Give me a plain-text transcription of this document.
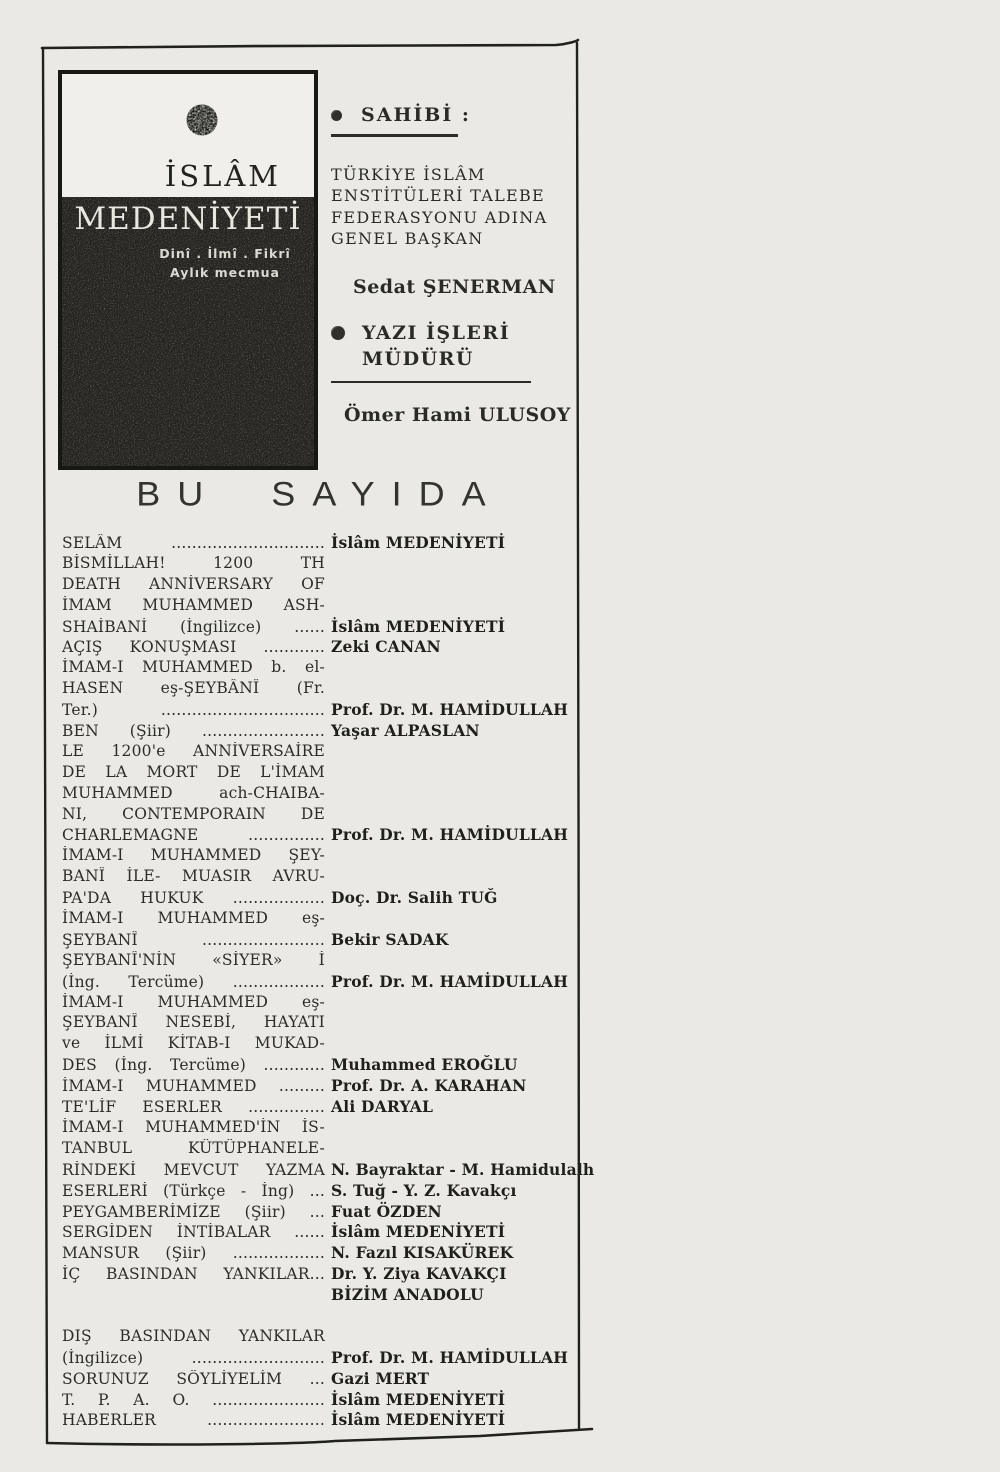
İSLÂM
MEDENİYETİ
Dinî . İlmî . Fikrî
Aylık mecmua
SAHİBİ :
TÜRKİYE İSLÂM
ENSTİTÜLERİ TALEBE
FEDERASYONU ADINA
GENEL BAŞKAN
Sedat ŞENERMAN
YAZI İŞLERİ
MÜDÜRÜ
Ömer Hami ULUSOY
BU SAYIDA
SELÂM .............................. İslâm MEDENİYETİ
BİSMİLLAH! 1200 TH
DEATH ANNİVERSARY OF
İMAM MUHAMMED ASH-
SHAİBANİ (İngilizce) ...... İslâm MEDENİYETİ
AÇIŞ KONUŞMASI ............ Zeki CANAN
İMAM-I MUHAMMED b. el-
HASEN eş-ŞEYBÂNÎ (Fr.
Ter.) ................................ Prof. Dr. M. HAMİDULLAH
BEN (Şiir) ........................ Yaşar ALPASLAN
LE 1200'e ANNİVERSAİRE
DE LA MORT DE L'İMAM
MUHAMMED ach-CHAIBA-
NI, CONTEMPORAIN DE
CHARLEMAGNE ............... Prof. Dr. M. HAMİDULLAH
İMAM-I MUHAMMED ŞEY-
BANÎ İLE- MUASIR AVRU-
PA'DA HUKUK .................. Doç. Dr. Salih TUĞ
İMAM-I MUHAMMED eş-
ŞEYBANÎ ........................ Bekir SADAK
ŞEYBANÎ'NİN «SİYER» İ
(İng. Tercüme) .................. Prof. Dr. M. HAMİDULLAH
İMAM-I MUHAMMED eş-
ŞEYBANÎ NESEBİ, HAYATI
ve İLMİ KİTAB-I MUKAD-
DES (İng. Tercüme) ............ Muhammed EROĞLU
İMAM-I MUHAMMED ......... Prof. Dr. A. KARAHAN
TE'LİF ESERLER ............... Ali DARYAL
İMAM-I MUHAMMED'İN İS-
TANBUL KÜTÜPHANELE-
RİNDEKİ MEVCUT YAZMA N. Bayraktar - M. Hamidulalh
ESERLERİ (Türkçe - İng) ... S. Tuğ - Y. Z. Kavakçı
PEYGAMBERİMİZE (Şiir) ... Fuat ÖZDEN
SERGİDEN İNTİBALAR ...... İslâm MEDENİYETİ
MANSUR (Şiir) .................. N. Fazıl KISAKÜREK
İÇ BASINDAN YANKILAR... Dr. Y. Ziya KAVAKÇI
BİZİM ANADOLU
DIŞ BASINDAN YANKILAR
(İngilizce) .......................... Prof. Dr. M. HAMİDULLAH
SORUNUZ SÖYLİYELİM ... Gazi MERT
T. P. A. O. ...................... İslâm MEDENİYETİ
HABERLER ....................... İslâm MEDENİYETİ
